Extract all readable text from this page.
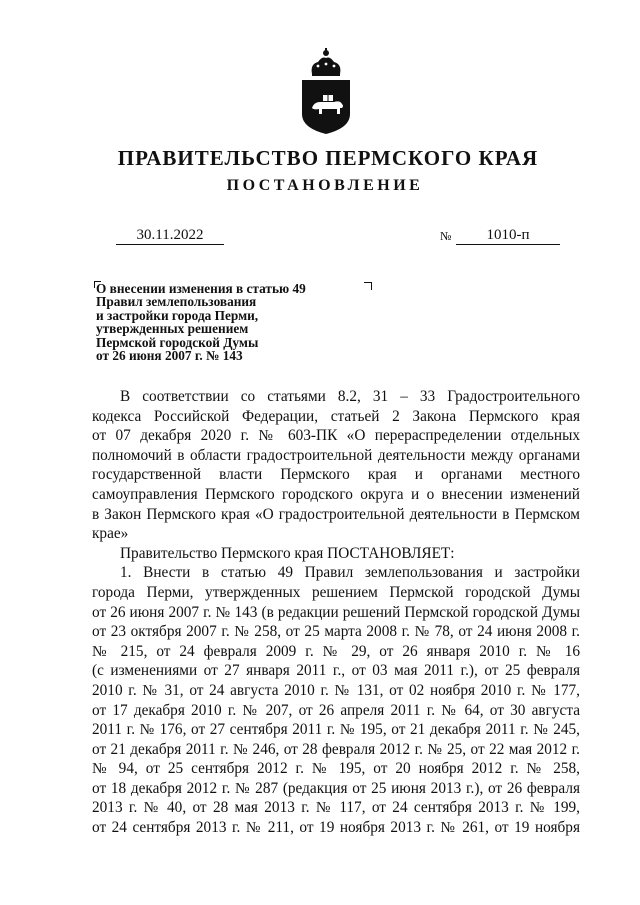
ПРАВИТЕЛЬСТВО ПЕРМСКОГО КРАЯ
ПОСТАНОВЛЕНИЕ
30.11.2022	№	1010-п
О внесении изменения в статью 49
Правил землепользования
и застройки города Перми,
утвержденных решением
Пермской городской Думы
от 26 июня 2007 г. № 143

В соответствии со статьями 8.2, 31 – 33 Градостроительного

кодекса Российской Федерации, статьей 2 Закона Пермского края

от 07 декабря 2020 г. № 603-ПК «О перераспределении отдельных

полномочий в области градостроительной деятельности между органами

государственной власти Пермского края и органами местного

самоуправления Пермского городского округа и о внесении изменений

в Закон Пермского края «О градостроительной деятельности в Пермском

крае»

Правительство Пермского края ПОСТАНОВЛЯЕТ:

1. Внести в статью 49 Правил землепользования и застройки

города Перми, утвержденных решением Пермской городской Думы

от 26 июня 2007 г. № 143 (в редакции решений Пермской городской Думы

от 23 октября 2007 г. № 258, от 25 марта 2008 г. № 78, от 24 июня 2008 г.

№ 215, от 24 февраля 2009 г. № 29, от 26 января 2010 г. № 16

(с изменениями от 27 января 2011 г., от 03 мая 2011 г.), от 25 февраля

2010 г. № 31, от 24 августа 2010 г. № 131, от 02 ноября 2010 г. № 177,

от 17 декабря 2010 г. № 207, от 26 апреля 2011 г. № 64, от 30 августа

2011 г. № 176, от 27 сентября 2011 г. № 195, от 21 декабря 2011 г. № 245,

от 21 декабря 2011 г. № 246, от 28 февраля 2012 г. № 25, от 22 мая 2012 г.

№ 94, от 25 сентября 2012 г. № 195, от 20 ноября 2012 г. № 258,

от 18 декабря 2012 г. № 287 (редакция от 25 июня 2013 г.), от 26 февраля

2013 г. № 40, от 28 мая 2013 г. № 117, от 24 сентября 2013 г. № 199,

от 24 сентября 2013 г. № 211, от 19 ноября 2013 г. № 261, от 19 ноября
